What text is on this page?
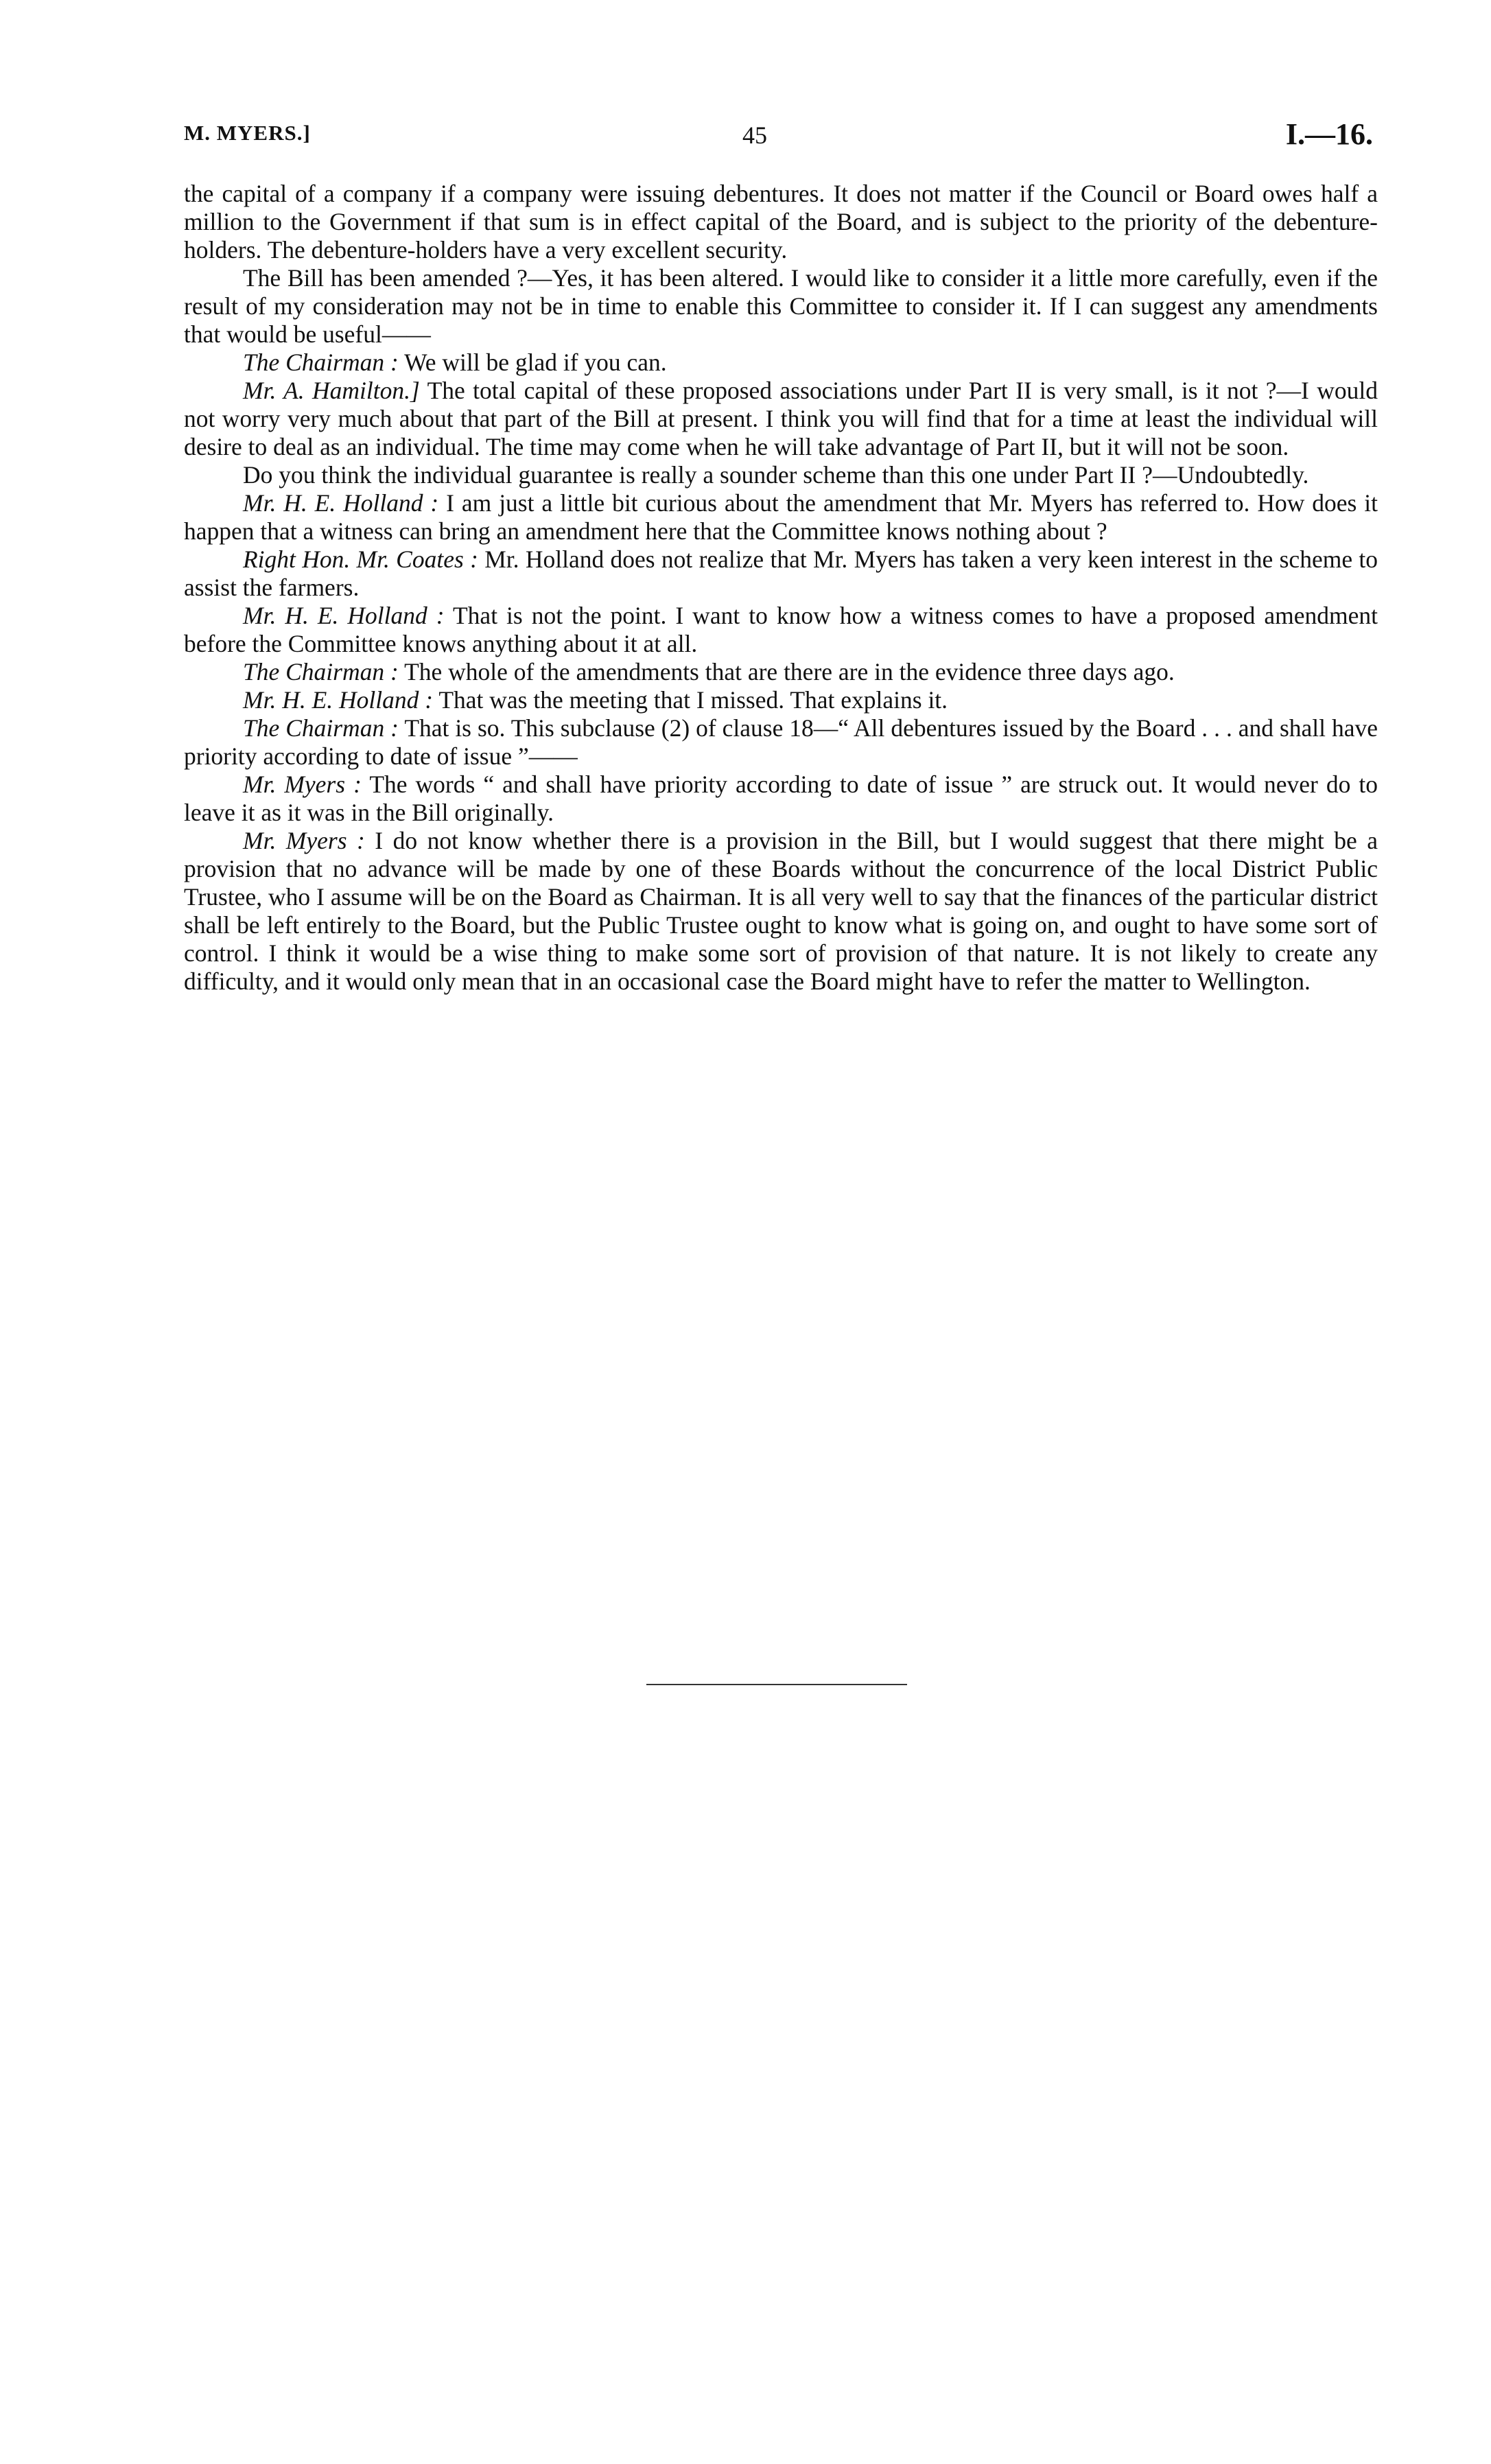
M. MYERS.]	45	I.—16.

the capital of a company if a company were issuing debentures. It does not matter if the Council or Board owes half a million to the Government if that sum is in effect capital of the Board, and is subject to the priority of the debenture-holders. The debenture-holders have a very excellent security.

The Bill has been amended ?—Yes, it has been altered. I would like to consider it a little more carefully, even if the result of my consideration may not be in time to enable this Committee to consider it. If I can suggest any amendments that would be useful——

The Chairman : We will be glad if you can.

Mr. A. Hamilton.] The total capital of these proposed associations under Part II is very small, is it not ?—I would not worry very much about that part of the Bill at present. I think you will find that for a time at least the individual will desire to deal as an individual. The time may come when he will take advantage of Part II, but it will not be soon.

Do you think the individual guarantee is really a sounder scheme than this one under Part II ?—Undoubtedly.

Mr. H. E. Holland : I am just a little bit curious about the amendment that Mr. Myers has referred to. How does it happen that a witness can bring an amendment here that the Committee knows nothing about ?

Right Hon. Mr. Coates : Mr. Holland does not realize that Mr. Myers has taken a very keen interest in the scheme to assist the farmers.

Mr. H. E. Holland : That is not the point. I want to know how a witness comes to have a proposed amendment before the Committee knows anything about it at all.

The Chairman : The whole of the amendments that are there are in the evidence three days ago.

Mr. H. E. Holland : That was the meeting that I missed. That explains it.

The Chairman : That is so. This subclause (2) of clause 18—“ All debentures issued by the Board . . . and shall have priority according to date of issue ”——

Mr. Myers : The words “ and shall have priority according to date of issue ” are struck out. It would never do to leave it as it was in the Bill originally.

Mr. Myers : I do not know whether there is a provision in the Bill, but I would suggest that there might be a provision that no advance will be made by one of these Boards without the concurrence of the local District Public Trustee, who I assume will be on the Board as Chairman. It is all very well to say that the finances of the particular district shall be left entirely to the Board, but the Public Trustee ought to know what is going on, and ought to have some sort of control. I think it would be a wise thing to make some sort of provision of that nature. It is not likely to create any difficulty, and it would only mean that in an occasional case the Board might have to refer the matter to Wellington.
